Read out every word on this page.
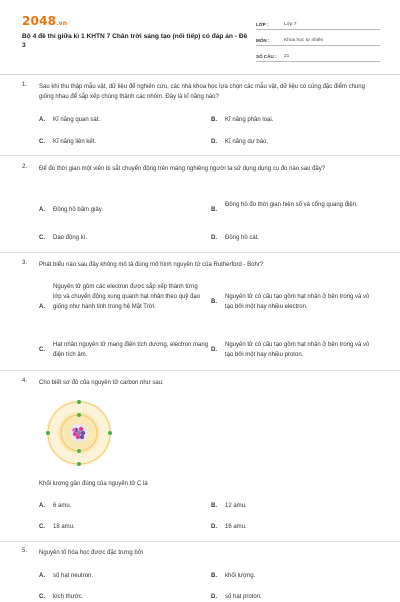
2048.vn
Bộ 4 đề thi giữa kì 1 KHTN 7 Chân trời sáng tạo (nối tiếp) có đáp án - Đề 3
LỚP :	Lớp 7
MÔN :	Khoa học tự nhiên
SỐ CÂU : 21
1. Sau khi thu thập mẫu vật, dữ liệu để nghiên cứu, các nhà khoa học lựa chọn các mẫu vật, dữ liệu có cùng đặc điểm chung giống nhau để sắp xếp chúng thành các nhóm. Đây là kĩ năng nào?
A. Kĩ năng quan sát.	B. Kĩ năng phân loại.
C. Kĩ năng liên kết.	D. Kĩ năng dự báo.
2. Để đo thời gian một viên bi sắt chuyển động trên máng nghiêng người ta sử dụng dụng cụ đo nào sau đây?
A. Đồng hồ bấm giây.	B.
Đồng hồ đo thời gian hiện số và cổng quang điện.
C. Dao động kí.	D. Đồng hồ cát.
3. Phát biểu nào sau đây không mô tả đúng mô hình nguyên tử của Rutherford - Bohr?
A.
Nguyên tử gồm các electron được sắp xếp thành từng lớp và chuyển động xung quanh hạt nhân theo quỹ đạo giống như hành tinh trong hệ Mặt Trời.
B.
Nguyên tử có cấu tạo gồm hạt nhân ở bên trong và vỏ tạo bởi một hay nhiều electron.
C.
Hạt nhân nguyên tử mang điện tích dương, electron mang điện tích âm.
D.
Nguyên tử có cấu tạo gồm hạt nhân ở bên trong và vỏ tạo bởi một hay nhiều proton.
4. Cho biết sơ đồ của nguyên tử carbon như sau:
Khối lượng gần đúng của nguyên tử C là
A. 6 amu.	B. 12 amu.
C. 18 amu.	D. 16 amu.
5. Nguyên tố hóa học được đặc trưng bởi
A. số hạt neutron.	B. khối lượng.
C. kích thước.	D. số hạt proton.
